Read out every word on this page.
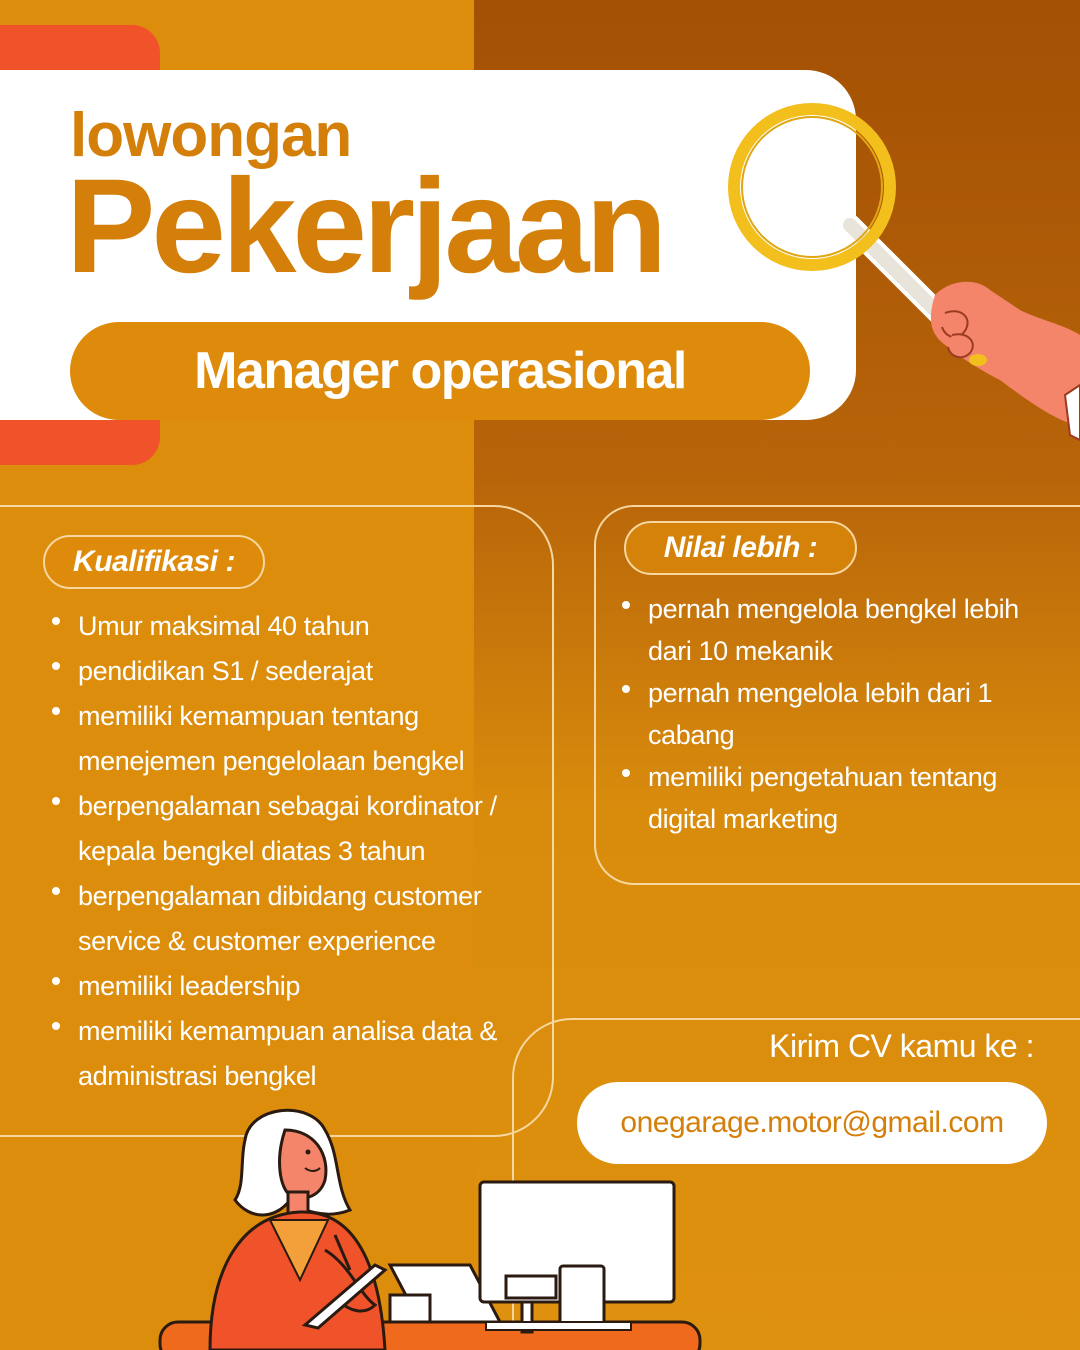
lowongan
Pekerjaan
Manager operasional
Kualifikasi :
Umur maksimal 40 tahun
pendidikan S1 / sederajat
memiliki kemampuan tentang menejemen pengelolaan bengkel
berpengalaman sebagai kordinator / kepala bengkel diatas 3 tahun
berpengalaman dibidang customer service & customer experience
memiliki leadership
memiliki kemampuan analisa data & administrasi bengkel
Nilai lebih :
pernah mengelola bengkel lebih dari 10 mekanik
pernah mengelola lebih dari 1 cabang
memiliki pengetahuan tentang digital marketing
Kirim CV kamu ke :
onegarage.motor@gmail.com
